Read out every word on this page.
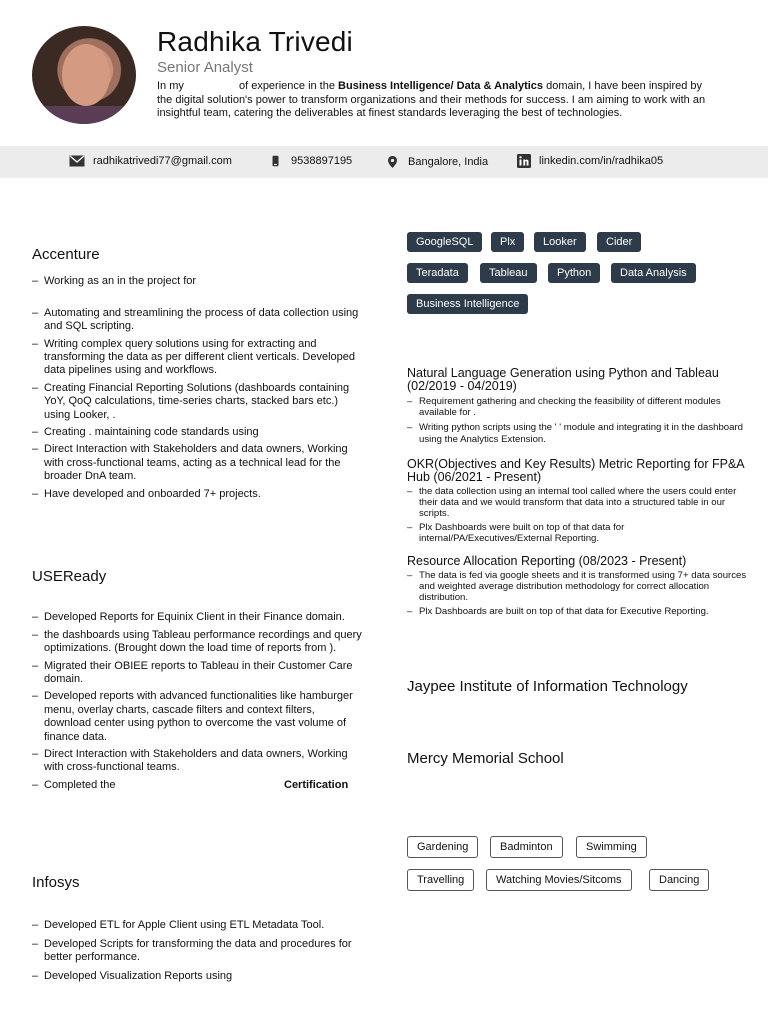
Radhika Trivedi
Senior Analyst
In my	of experience in the Business Intelligence/ Data & Analytics domain, I have been inspired by the digital solution's power to transform organizations and their methods for success. I am aiming to work with an insightful team, catering the deliverables at finest standards leveraging the best of technologies.
radhikatrivedi77@gmail.com	9538897195	Bangalore, India	linkedin.com/in/radhika05
Accenture
– Working as an in the project for
– Automating and streamlining the process of data collection using and SQL scripting.
– Writing complex query solutions using for extracting and transforming the data as per different client verticals. Developed data pipelines using and workflows.
– Creating Financial Reporting Solutions (dashboards containing YoY, QoQ calculations, time-series charts, stacked bars etc.) using Looker, .
– Creating . maintaining code standards using
– Direct Interaction with Stakeholders and data owners, Working with cross-functional teams, acting as a technical lead for the broader DnA team.
– Have developed and onboarded 7+ projects.
USEReady
– Developed Reports for Equinix Client in their Finance domain.
– the dashboards using Tableau performance recordings and query optimizations. (Brought down the load time of reports from ).
– Migrated their OBIEE reports to Tableau in their Customer Care domain.
– Developed reports with advanced functionalities like hamburger menu, overlay charts, cascade filters and context filters, download center using python to overcome the vast volume of finance data.
– Direct Interaction with Stakeholders and data owners, Working with cross-functional teams.
– Completed the	Certification
Infosys
– Developed ETL for Apple Client using ETL Metadata Tool.
– Developed Scripts for transforming the data and procedures for better performance.
– Developed Visualization Reports using
GoogleSQL	Plx	Looker	Cider
Teradata	Tableau	Python	Data Analysis
Business Intelligence
Natural Language Generation using Python and Tableau
(02/2019 - 04/2019)
– Requirement gathering and checking the feasibility of different modules available for .
– Writing python scripts using the ' ' module and integrating it in the dashboard using the Analytics Extension.
OKR(Objectives and Key Results) Metric Reporting for FP&A Hub (06/2021 - Present)
– the data collection using an internal tool called where the users could enter their data and we would transform that data into a structured table in our scripts.
– Plx Dashboards were built on top of that data for internal/PA/Executives/External Reporting.
Resource Allocation Reporting (08/2023 - Present)
– The data is fed via google sheets and it is transformed using 7+ data sources and weighted average distribution methodology for correct allocation distribution.
– Plx Dashboards are built on top of that data for Executive Reporting.
Jaypee Institute of Information Technology
Mercy Memorial School
Gardening	Badminton	Swimming
Travelling	Watching Movies/Sitcoms	Dancing
